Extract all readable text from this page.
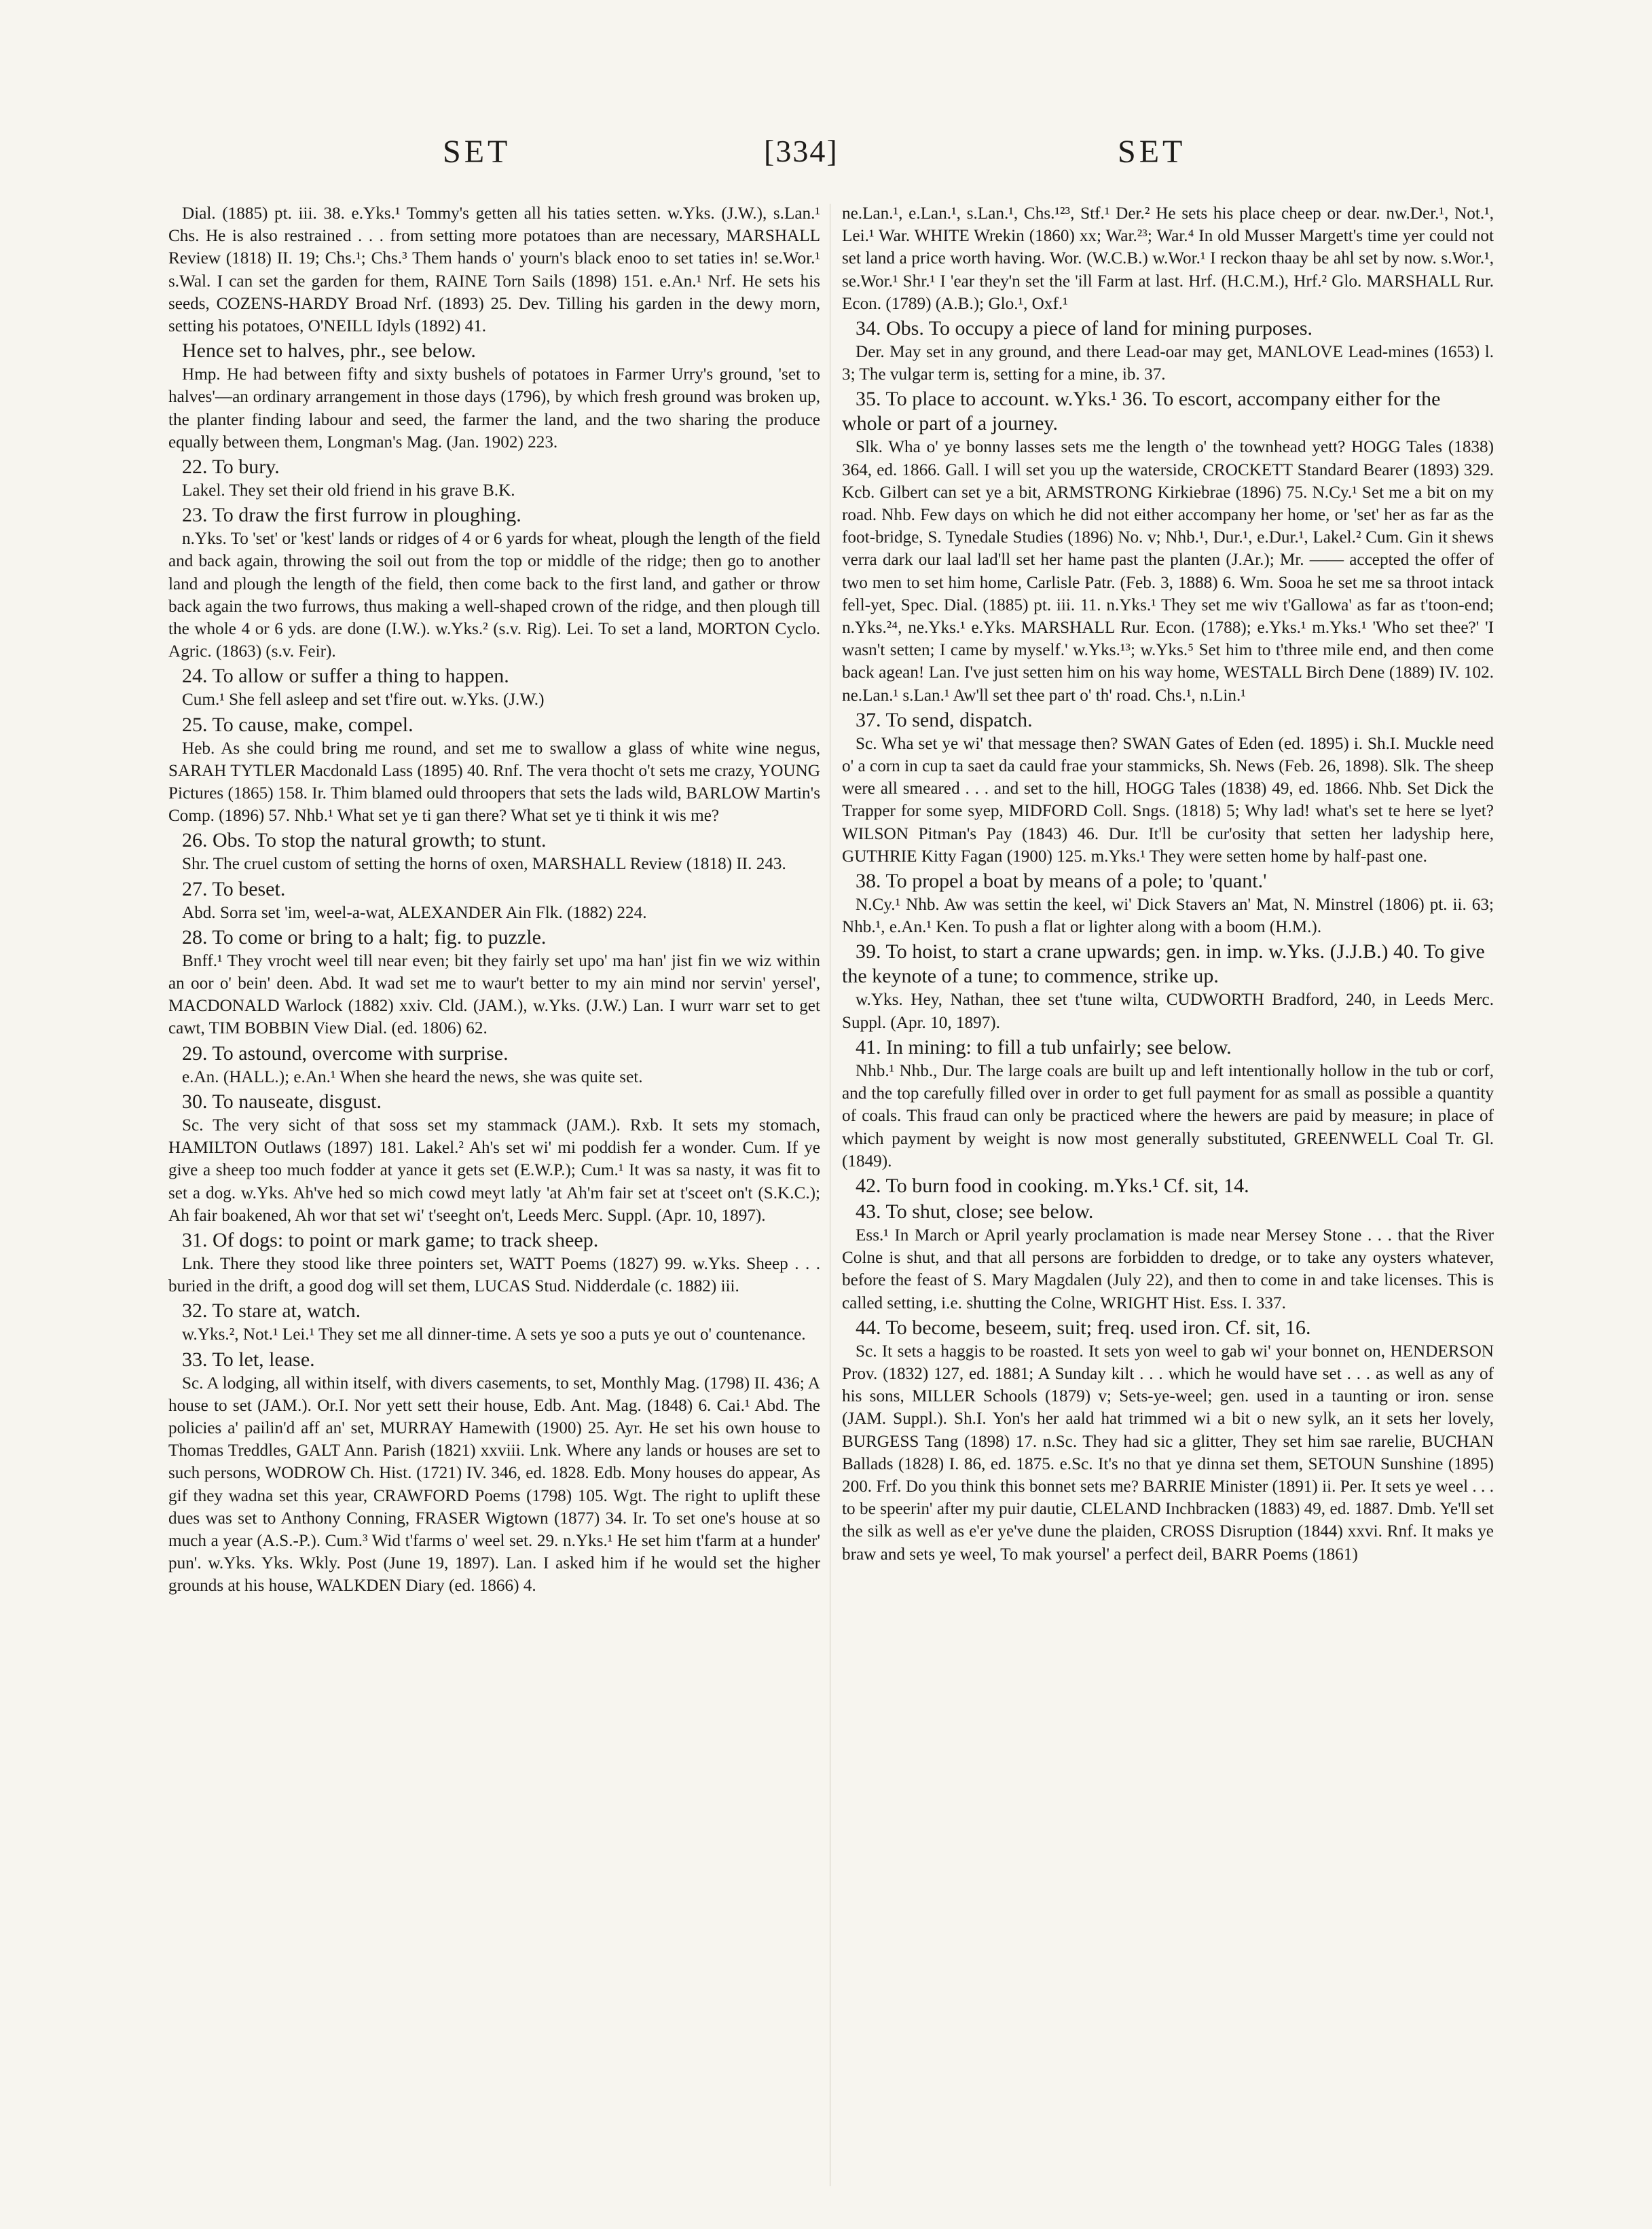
SET	[334]	SET
Dial. (1885) pt. iii. 38. e.Yks.¹ Tommy's getten all his taties setten. w.Yks. (J.W.), s.Lan.¹ Chs. He is also restrained . . . from setting more potatoes than are necessary, MARSHALL Review (1818) II. 19; Chs.¹; Chs.³ Them hands o' yourn's black enoo to set taties in! se.Wor.¹ s.Wal. I can set the garden for them, RAINE Torn Sails (1898) 151. e.An.¹ Nrf. He sets his seeds, COZENS-HARDY Broad Nrf. (1893) 25. Dev. Tilling his garden in the dewy morn, setting his potatoes, O'NEILL Idyls (1892) 41.
Hence set to halves, phr., see below.
Hmp. He had between fifty and sixty bushels of potatoes in Farmer Urry's ground, 'set to halves'—an ordinary arrangement in those days (1796), by which fresh ground was broken up, the planter finding labour and seed, the farmer the land, and the two sharing the produce equally between them, Longman's Mag. (Jan. 1902) 223.
22. To bury.
Lakel. They set their old friend in his grave B.K.
23. To draw the first furrow in ploughing.
n.Yks. To 'set' or 'kest' lands or ridges of 4 or 6 yards for wheat, plough the length of the field and back again, throwing the soil out from the top or middle of the ridge; then go to another land and plough the length of the field, then come back to the first land, and gather or throw back again the two furrows, thus making a well-shaped crown of the ridge, and then plough till the whole 4 or 6 yds. are done (I.W.). w.Yks.² (s.v. Rig). Lei. To set a land, MORTON Cyclo. Agric. (1863) (s.v. Feir).
24. To allow or suffer a thing to happen.
Cum.¹ She fell asleep and set t'fire out. w.Yks. (J.W.)
25. To cause, make, compel.
Heb. As she could bring me round, and set me to swallow a glass of white wine negus, SARAH TYTLER Macdonald Lass (1895) 40. Rnf. The vera thocht o't sets me crazy, YOUNG Pictures (1865) 158. Ir. Thim blamed ould throopers that sets the lads wild, BARLOW Martin's Comp. (1896) 57. Nhb.¹ What set ye ti gan there? What set ye ti think it wis me?
26. Obs. To stop the natural growth; to stunt.
Shr. The cruel custom of setting the horns of oxen, MARSHALL Review (1818) II. 243.
27. To beset.
Abd. Sorra set 'im, weel-a-wat, ALEXANDER Ain Flk. (1882) 224.
28. To come or bring to a halt; fig. to puzzle.
Bnff.¹ They vrocht weel till near even; bit they fairly set upo' ma han' jist fin we wiz within an oor o' bein' deen. Abd. It wad set me to waur't better to my ain mind nor servin' yersel', MACDONALD Warlock (1882) xxiv. Cld. (JAM.), w.Yks. (J.W.) Lan. I wurr warr set to get cawt, TIM BOBBIN View Dial. (ed. 1806) 62.
29. To astound, overcome with surprise.
e.An. (HALL.); e.An.¹ When she heard the news, she was quite set.
30. To nauseate, disgust.
Sc. The very sicht of that soss set my stammack (JAM.). Rxb. It sets my stomach, HAMILTON Outlaws (1897) 181. Lakel.² Ah's set wi' mi poddish fer a wonder. Cum. If ye give a sheep too much fodder at yance it gets set (E.W.P.); Cum.¹ It was sa nasty, it was fit to set a dog. w.Yks. Ah've hed so mich cowd meyt latly 'at Ah'm fair set at t'sceet on't (S.K.C.); Ah fair boakened, Ah wor that set wi' t'seeght on't, Leeds Merc. Suppl. (Apr. 10, 1897).
31. Of dogs: to point or mark game; to track sheep.
Lnk. There they stood like three pointers set, WATT Poems (1827) 99. w.Yks. Sheep . . . buried in the drift, a good dog will set them, LUCAS Stud. Nidderdale (c. 1882) iii.
32. To stare at, watch.
w.Yks.², Not.¹ Lei.¹ They set me all dinner-time. A sets ye soo a puts ye out o' countenance.
33. To let, lease.
Sc. A lodging, all within itself, with divers casements, to set, Monthly Mag. (1798) II. 436; A house to set (JAM.). Or.I. Nor yett sett their house, Edb. Ant. Mag. (1848) 6. Cai.¹ Abd. The policies a' pailin'd aff an' set, MURRAY Hamewith (1900) 25. Ayr. He set his own house to Thomas Treddles, GALT Ann. Parish (1821) xxviii. Lnk. Where any lands or houses are set to such persons, WODROW Ch. Hist. (1721) IV. 346, ed. 1828. Edb. Mony houses do appear, As gif they wadna set this year, CRAWFORD Poems (1798) 105. Wgt. The right to uplift these dues was set to Anthony Conning, FRASER Wigtown (1877) 34. Ir. To set one's house at so much a year (A.S.-P.). Cum.³ Wid t'farms o' weel set. 29. n.Yks.¹ He set him t'farm at a hunder' pun'. w.Yks. Yks. Wkly. Post (June 19, 1897). Lan. I asked him if he would set the higher grounds at his house, WALKDEN Diary (ed. 1866) 4.
ne.Lan.¹, e.Lan.¹, s.Lan.¹, Chs.¹²³, Stf.¹ Der.² He sets his place cheep or dear. nw.Der.¹, Not.¹, Lei.¹ War. WHITE Wrekin (1860) xx; War.²³; War.⁴ In old Musser Margett's time yer could not set land a price worth having. Wor. (W.C.B.) w.Wor.¹ I reckon thaay be ahl set by now. s.Wor.¹, se.Wor.¹ Shr.¹ I 'ear they'n set the 'ill Farm at last. Hrf. (H.C.M.), Hrf.² Glo. MARSHALL Rur. Econ. (1789) (A.B.); Glo.¹, Oxf.¹
34. Obs. To occupy a piece of land for mining purposes.
Der. May set in any ground, and there Lead-oar may get, MANLOVE Lead-mines (1653) l. 3; The vulgar term is, setting for a mine, ib. 37.
35. To place to account. w.Yks.¹ 36. To escort, accompany either for the whole or part of a journey.
Slk. Wha o' ye bonny lasses sets me the length o' the townhead yett? HOGG Tales (1838) 364, ed. 1866. Gall. I will set you up the waterside, CROCKETT Standard Bearer (1893) 329. Kcb. Gilbert can set ye a bit, ARMSTRONG Kirkiebrae (1896) 75. N.Cy.¹ Set me a bit on my road. Nhb. Few days on which he did not either accompany her home, or 'set' her as far as the foot-bridge, S. Tynedale Studies (1896) No. v; Nhb.¹, Dur.¹, e.Dur.¹, Lakel.² Cum. Gin it shews verra dark our laal lad'll set her hame past the planten (J.Ar.); Mr. —— accepted the offer of two men to set him home, Carlisle Patr. (Feb. 3, 1888) 6. Wm. Sooa he set me sa throot intack fell-yet, Spec. Dial. (1885) pt. iii. 11. n.Yks.¹ They set me wiv t'Gallowa' as far as t'toon-end; n.Yks.²⁴, ne.Yks.¹ e.Yks. MARSHALL Rur. Econ. (1788); e.Yks.¹ m.Yks.¹ 'Who set thee?' 'I wasn't setten; I came by myself.' w.Yks.¹³; w.Yks.⁵ Set him to t'three mile end, and then come back agean! Lan. I've just setten him on his way home, WESTALL Birch Dene (1889) IV. 102. ne.Lan.¹ s.Lan.¹ Aw'll set thee part o' th' road. Chs.¹, n.Lin.¹
37. To send, dispatch.
Sc. Wha set ye wi' that message then? SWAN Gates of Eden (ed. 1895) i. Sh.I. Muckle need o' a corn in cup ta saet da cauld frae your stammicks, Sh. News (Feb. 26, 1898). Slk. The sheep were all smeared . . . and set to the hill, HOGG Tales (1838) 49, ed. 1866. Nhb. Set Dick the Trapper for some syep, MIDFORD Coll. Sngs. (1818) 5; Why lad! what's set te here se lyet? WILSON Pitman's Pay (1843) 46. Dur. It'll be cur'osity that setten her ladyship here, GUTHRIE Kitty Fagan (1900) 125. m.Yks.¹ They were setten home by half-past one.
38. To propel a boat by means of a pole; to 'quant.'
N.Cy.¹ Nhb. Aw was settin the keel, wi' Dick Stavers an' Mat, N. Minstrel (1806) pt. ii. 63; Nhb.¹, e.An.¹ Ken. To push a flat or lighter along with a boom (H.M.).
39. To hoist, to start a crane upwards; gen. in imp. w.Yks. (J.J.B.) 40. To give the keynote of a tune; to commence, strike up.
w.Yks. Hey, Nathan, thee set t'tune wilta, CUDWORTH Bradford, 240, in Leeds Merc. Suppl. (Apr. 10, 1897).
41. In mining: to fill a tub unfairly; see below.
Nhb.¹ Nhb., Dur. The large coals are built up and left intentionally hollow in the tub or corf, and the top carefully filled over in order to get full payment for as small as possible a quantity of coals. This fraud can only be practiced where the hewers are paid by measure; in place of which payment by weight is now most generally substituted, GREENWELL Coal Tr. Gl. (1849).
42. To burn food in cooking. m.Yks.¹ Cf. sit, 14.
43. To shut, close; see below.
Ess.¹ In March or April yearly proclamation is made near Mersey Stone . . . that the River Colne is shut, and that all persons are forbidden to dredge, or to take any oysters whatever, before the feast of S. Mary Magdalen (July 22), and then to come in and take licenses. This is called setting, i.e. shutting the Colne, WRIGHT Hist. Ess. I. 337.
44. To become, beseem, suit; freq. used iron. Cf. sit, 16.
Sc. It sets a haggis to be roasted. It sets yon weel to gab wi' your bonnet on, HENDERSON Prov. (1832) 127, ed. 1881; A Sunday kilt . . . which he would have set . . . as well as any of his sons, MILLER Schools (1879) v; Sets-ye-weel; gen. used in a taunting or iron. sense (JAM. Suppl.). Sh.I. Yon's her aald hat trimmed wi a bit o new sylk, an it sets her lovely, BURGESS Tang (1898) 17. n.Sc. They had sic a glitter, They set him sae rarelie, BUCHAN Ballads (1828) I. 86, ed. 1875. e.Sc. It's no that ye dinna set them, SETOUN Sunshine (1895) 200. Frf. Do you think this bonnet sets me? BARRIE Minister (1891) ii. Per. It sets ye weel . . . to be speerin' after my puir dautie, CLELAND Inchbracken (1883) 49, ed. 1887. Dmb. Ye'll set the silk as well as e'er ye've dune the plaiden, CROSS Disruption (1844) xxvi. Rnf. It maks ye braw and sets ye weel, To mak yoursel' a perfect deil, BARR Poems (1861)
